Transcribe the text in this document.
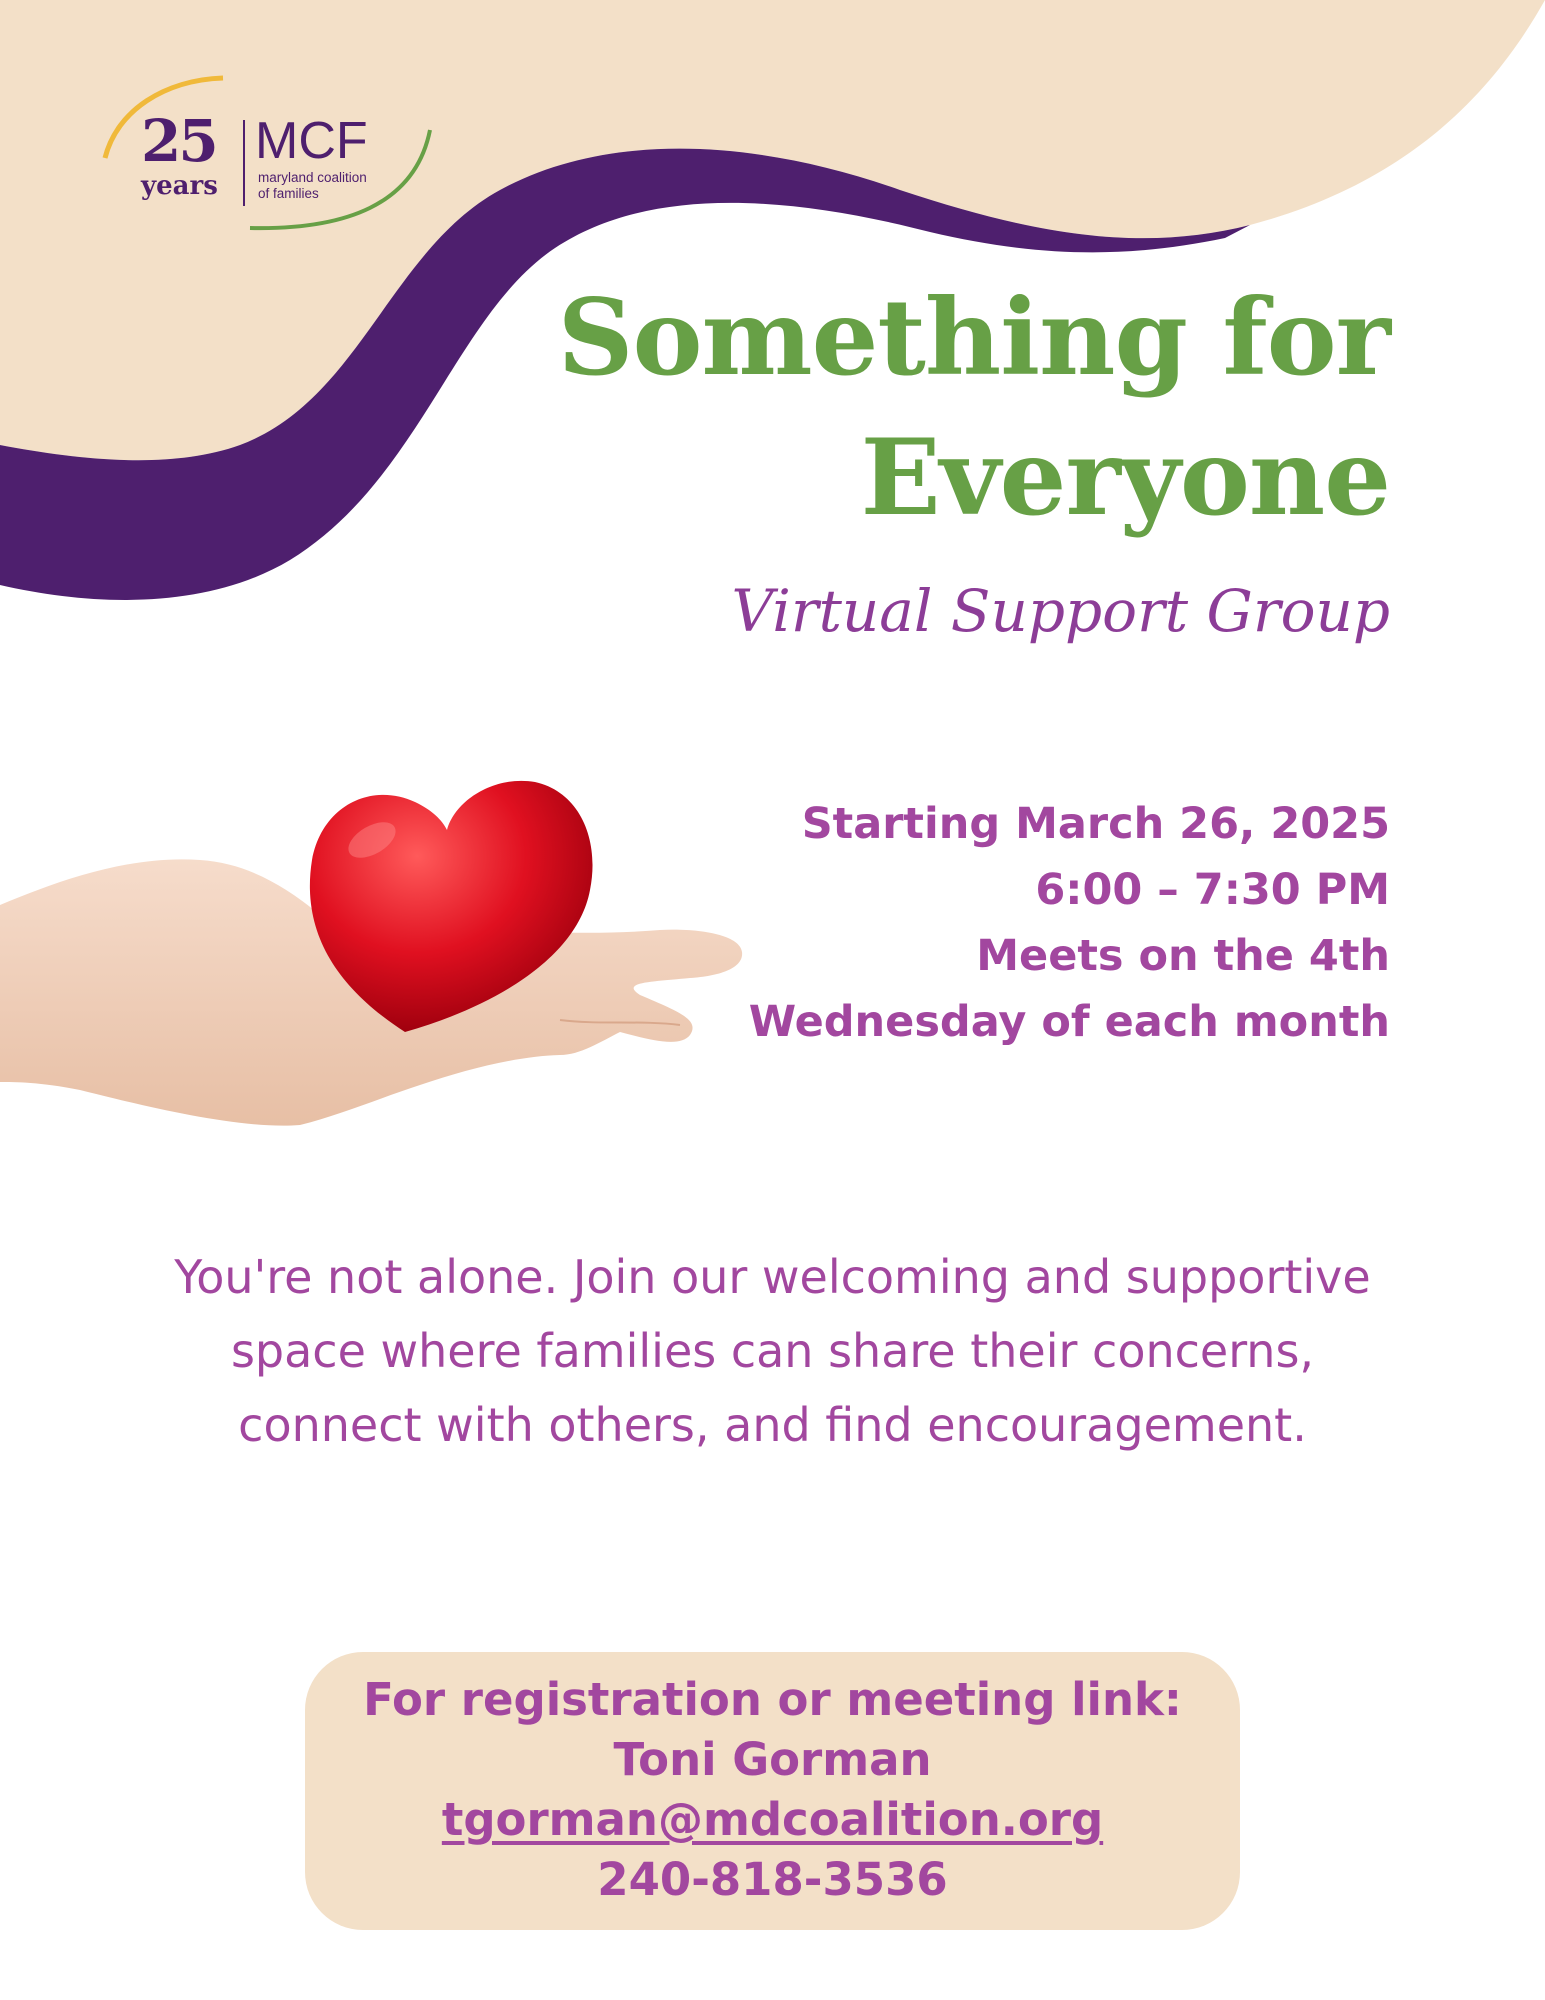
25
years
MCF
maryland coalition
of families
Something for
Everyone
Virtual Support Group
Starting March 26, 2025
6:00 – 7:30 PM
Meets on the 4th
Wednesday of each month
You're not alone. Join our welcoming and supportive space where families can share their concerns, connect with others, and find encouragement.
For registration or meeting link:
Toni Gorman
tgorman@mdcoalition.org
240-818-3536
